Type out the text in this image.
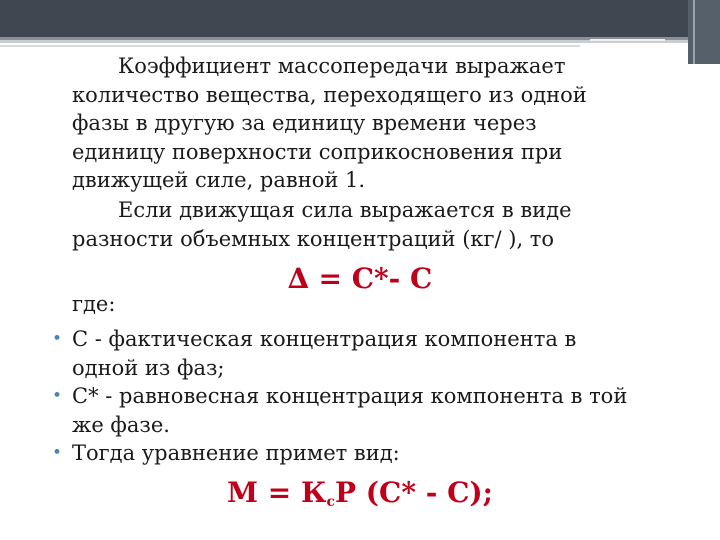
Коэффициент массопередачи выражает
количество вещества, переходящего из одной
фазы в другую за единицу времени через
единицу поверхности соприкосновения при
движущей силе, равной 1.

Если движущая сила выражается в виде
разности объемных концентраций (кг/ ), то

∆ = С*- С
где:
• С - фактическая концентрация компонента в
одной из фаз;
• С* - равновесная концентрация компонента в той
же фазе.
• Тогда уравнение примет вид:
$М = К_cР$ (С* - С);
